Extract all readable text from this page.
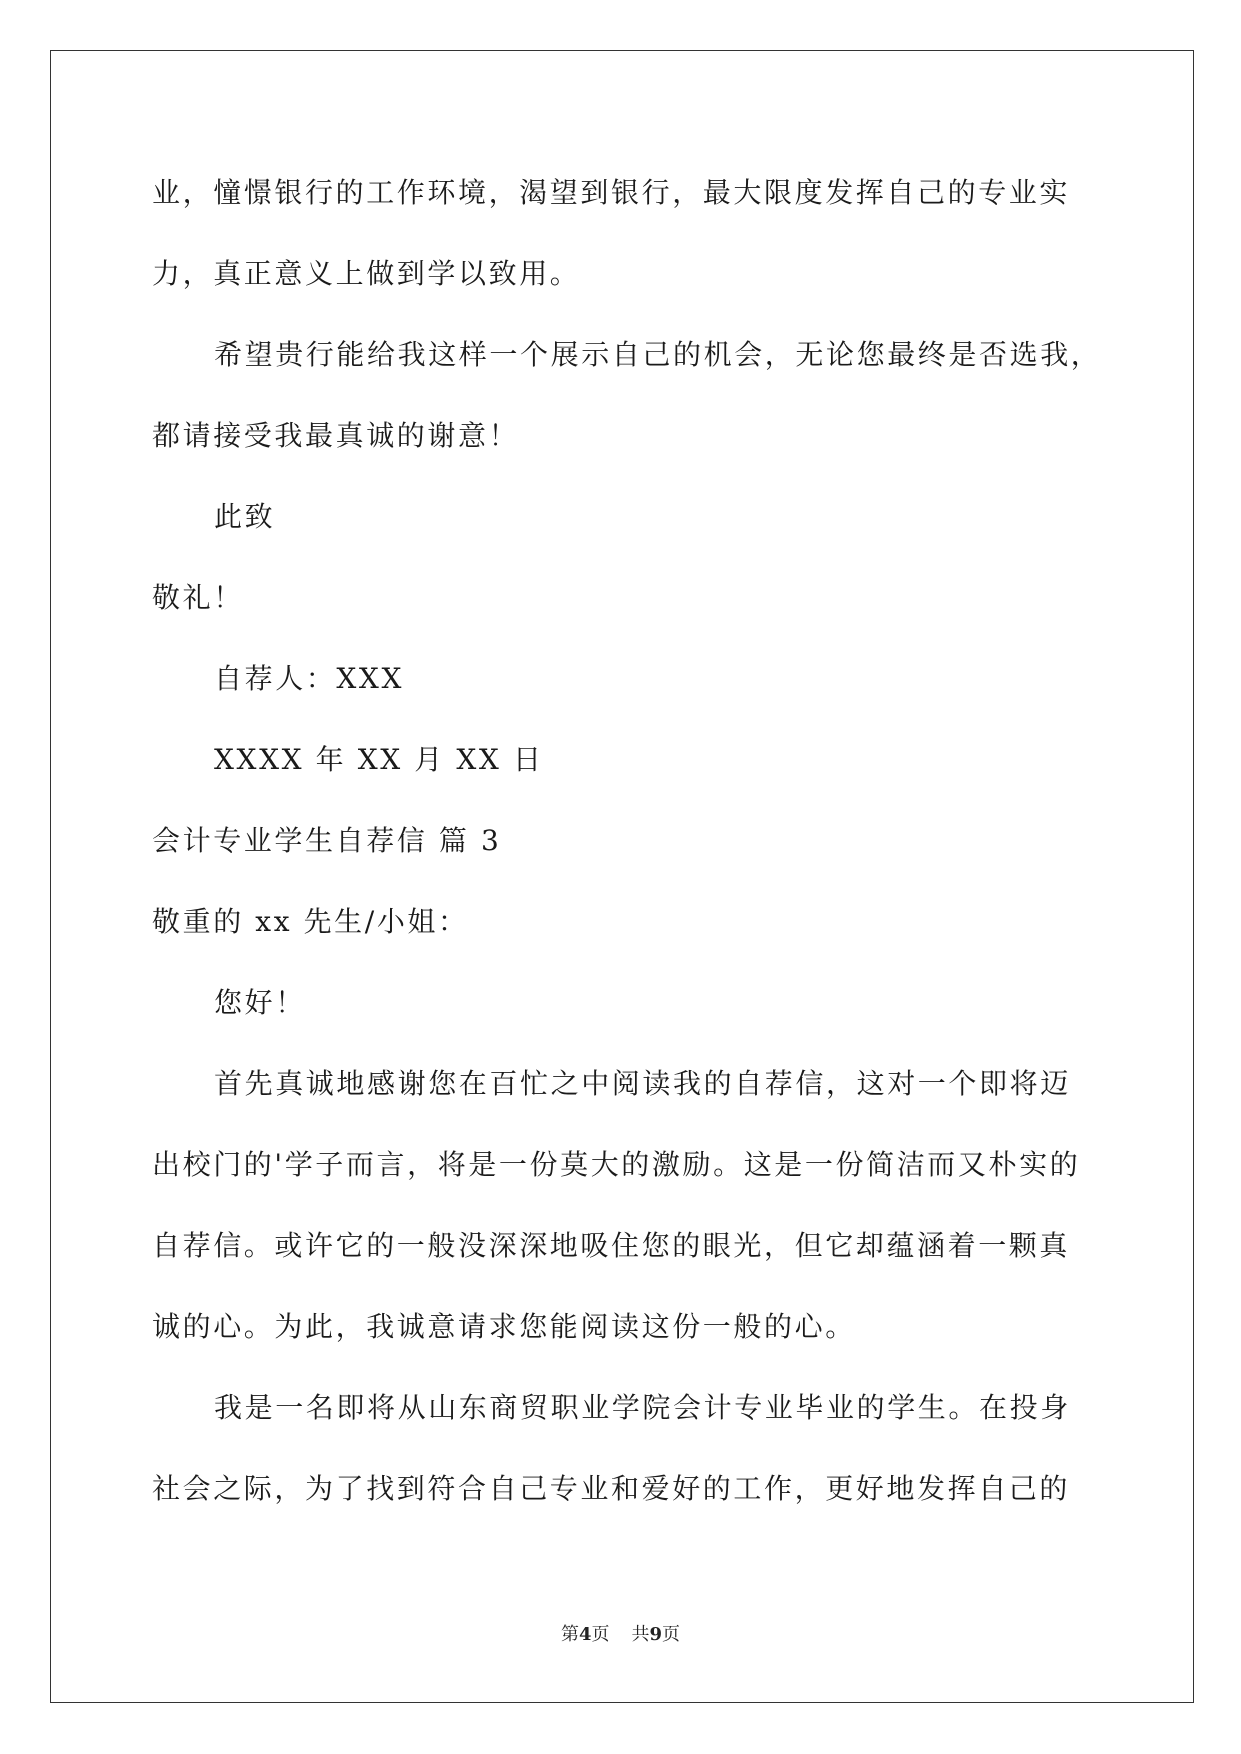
业，憧憬银行的工作环境，渴望到银行，最大限度发挥自己的专业实
力，真正意义上做到学以致用。
希望贵行能给我这样一个展示自己的机会，无论您最终是否选我，
都请接受我最真诚的谢意！
此致
敬礼！
自荐人：XXX
XXXX 年 XX 月 XX 日
会计专业学生自荐信 篇 3
敬重的 xx 先生/小姐：
您好！
首先真诚地感谢您在百忙之中阅读我的自荐信，这对一个即将迈
出校门的'学子而言，将是一份莫大的激励。这是一份简洁而又朴实的
自荐信。或许它的一般没深深地吸住您的眼光，但它却蕴涵着一颗真
诚的心。为此，我诚意请求您能阅读这份一般的心。
我是一名即将从山东商贸职业学院会计专业毕业的学生。在投身
社会之际，为了找到符合自己专业和爱好的工作，更好地发挥自己的
第4页 共9页
